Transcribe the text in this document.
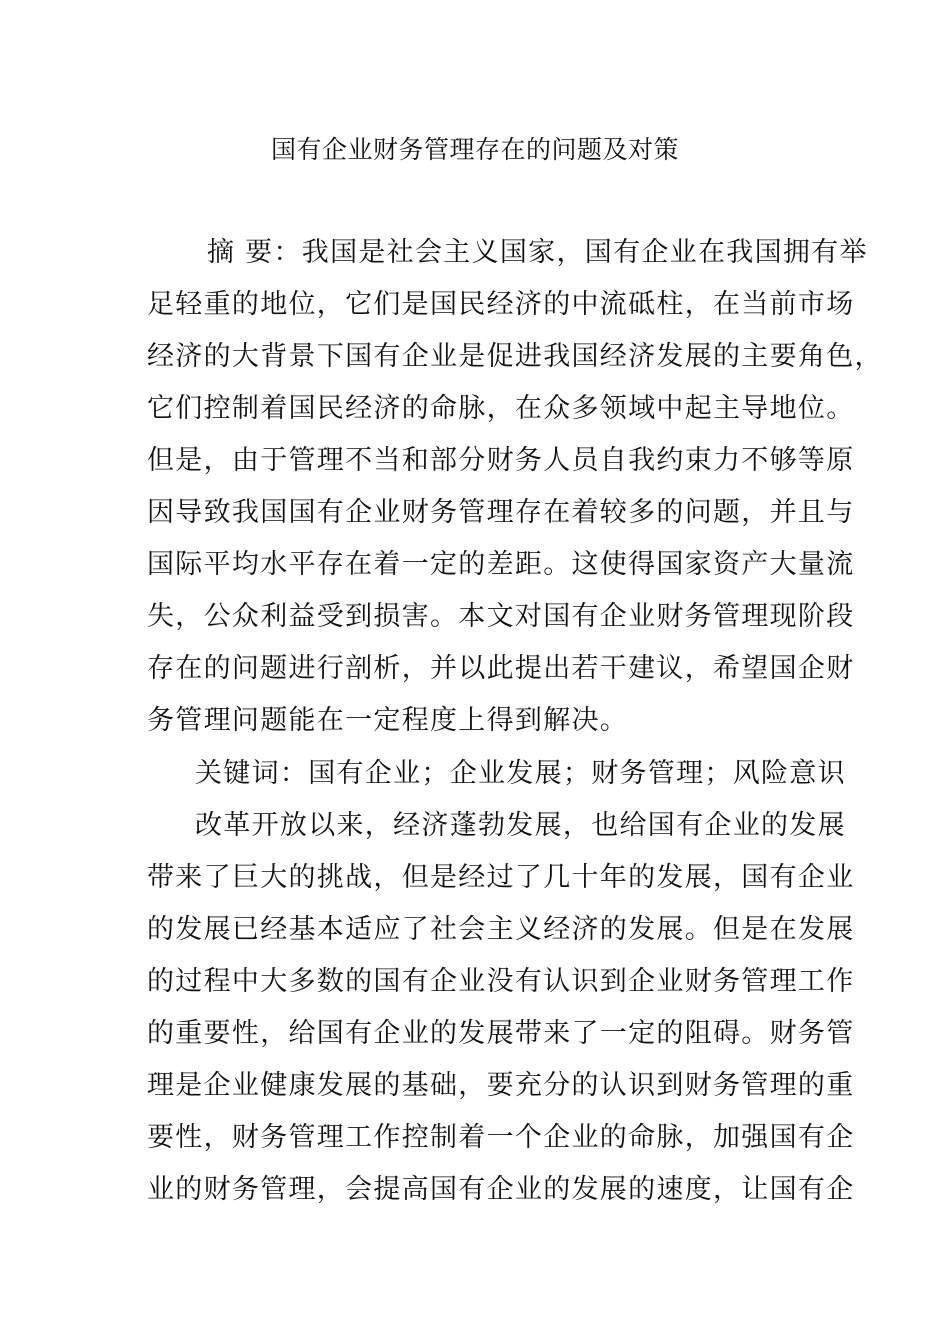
国有企业财务管理存在的问题及对策
摘 要：我国是社会主义国家，国有企业在我国拥有举
足轻重的地位，它们是国民经济的中流砥柱，在当前市场
经济的大背景下国有企业是促进我国经济发展的主要角色，
它们控制着国民经济的命脉，在众多领域中起主导地位。
但是，由于管理不当和部分财务人员自我约束力不够等原
因导致我国国有企业财务管理存在着较多的问题，并且与
国际平均水平存在着一定的差距。这使得国家资产大量流
失，公众利益受到损害。本文对国有企业财务管理现阶段
存在的问题进行剖析，并以此提出若干建议，希望国企财
务管理问题能在一定程度上得到解决。
关键词：国有企业；企业发展；财务管理；风险意识
改革开放以来，经济蓬勃发展，也给国有企业的发展
带来了巨大的挑战，但是经过了几十年的发展，国有企业
的发展已经基本适应了社会主义经济的发展。但是在发展
的过程中大多数的国有企业没有认识到企业财务管理工作
的重要性，给国有企业的发展带来了一定的阻碍。财务管
理是企业健康发展的基础，要充分的认识到财务管理的重
要性，财务管理工作控制着一个企业的命脉，加强国有企
业的财务管理，会提高国有企业的发展的速度，让国有企
